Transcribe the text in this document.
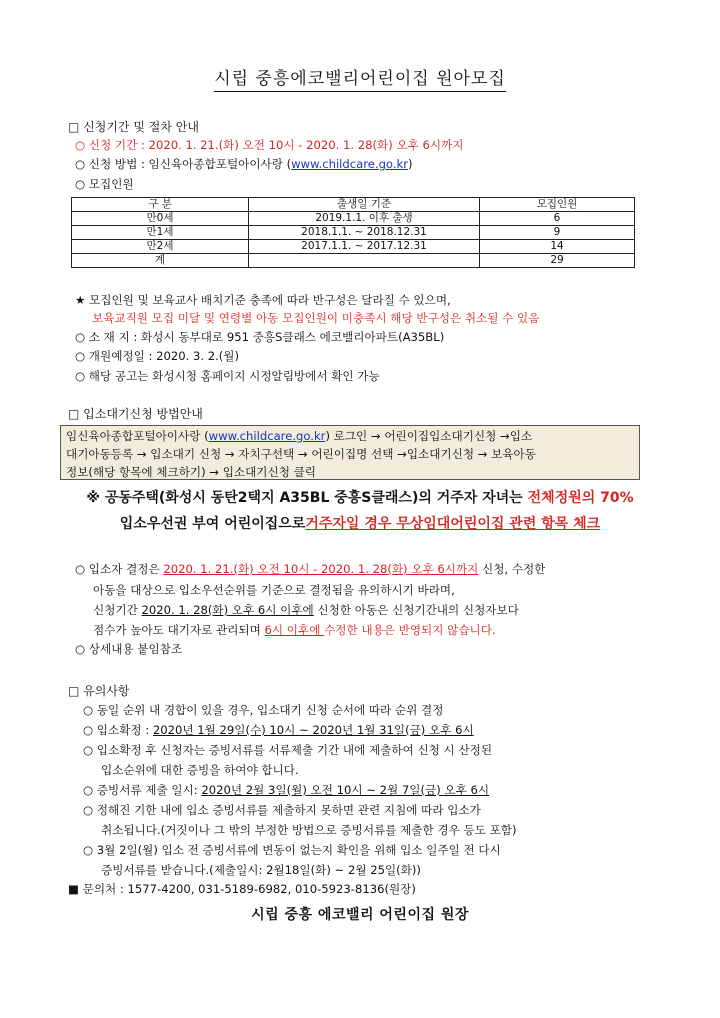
시립 중흥에코밸리어린이집 원아모집
□ 신청기간 및 절차 안내
○ 신청 기간 : 2020. 1. 21.(화) 오전 10시 - 2020. 1. 28(화) 오후 6시까지
○ 신청 방법 : 임신육아종합포털아이사랑 (www.childcare.go.kr)
○ 모집인원
구 분	출생일 기준	모집인원
만0세	2019.1.1. 이후 출생	6
만1세	2018.1.1. ~ 2018.12.31	9
만2세	2017.1.1. ~ 2017.12.31	14
계		29
★ 모집인원 및 보육교사 배치기준 충족에 따라 반구성은 달라질 수 있으며,
보육교직원 모집 미달 및 연령별 아동 모집인원이 미충족시 해당 반구성은 취소될 수 있음
○ 소 재 지 : 화성시 동부대로 951 중흥S클래스 에코밸리아파트(A35BL)
○ 개원예정일 : 2020. 3. 2.(월)
○ 해당 공고는 화성시청 홈페이지 시정알림방에서 확인 가능
□ 입소대기신청 방법안내
임신육아종합포털아이사랑 (www.childcare.go.kr) 로그인 → 어린이집입소대기신청 →입소
대기아동등록 → 입소대기 신청 → 자치구선택 → 어린이집명 선택 →입소대기신청 → 보육아동
정보(해당 항목에 체크하기) → 입소대기신청 클릭
※ 공동주택(화성시 동탄2택지 A35BL 중흥S클래스)의 거주자 자녀는 전체정원의 70%
입소우선권 부여 어린이집으로거주자일 경우 무상임대어린이집 관련 항목 체크
○ 입소자 결정은 2020. 1. 21.(화) 오전 10시 - 2020. 1. 28(화) 오후 6시까지 신청, 수정한
아동을 대상으로 입소우선순위를 기준으로 결정됨을 유의하시기 바라며,
신청기간 2020. 1. 28(화) 오후 6시 이후에 신청한 아동은 신청기간내의 신청자보다
점수가 높아도 대기자로 관리되며 6시 이후에 수정한 내용은 반영되지 않습니다.
○ 상세내용 붙임참조
□ 유의사항
○ 동일 순위 내 경합이 있을 경우, 입소대기 신청 순서에 따라 순위 결정
○ 입소확정 : 2020년 1월 29일(수) 10시 ~ 2020년 1월 31일(금) 오후 6시
○ 입소확정 후 신청자는 증빙서류를 서류제출 기간 내에 제출하여 신청 시 산정된
입소순위에 대한 증빙을 하여야 합니다.
○ 증빙서류 제출 일시: 2020년 2월 3일(월) 오전 10시 ~ 2월 7일(금) 오후 6시
○ 정해진 기한 내에 입소 증빙서류를 제출하지 못하면 관련 지침에 따라 입소가
취소됩니다.(거짓이나 그 밖의 부정한 방법으로 증빙서류를 제출한 경우 등도 포함)
○ 3월 2일(월) 입소 전 증빙서류에 변동이 없는지 확인을 위해 입소 일주일 전 다시
증빙서류를 받습니다.(제출일시: 2월18일(화) ~ 2월 25일(화))
■ 문의처 : 1577-4200, 031-5189-6982, 010-5923-8136(원장)
시립 중흥 에코밸리 어린이집 원장
